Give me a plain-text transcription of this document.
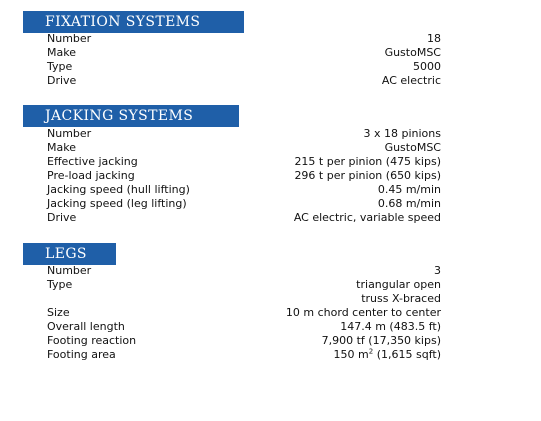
FIXATION SYSTEMS
Number	18
Make	GustoMSC
Type	5000
Drive	AC electric
JACKING SYSTEMS
Number	3 x 18 pinions
Make	GustoMSC
Effective jacking	215 t per pinion (475 kips)
Pre-load jacking	296 t per pinion (650 kips)
Jacking speed (hull lifting)	0.45 m/min
Jacking speed (leg lifting)	0.68 m/min
Drive	AC electric, variable speed
LEGS
Number	3
Type	triangular open
truss X-braced
Size	10 m chord center to center
Overall length	147.4 m (483.5 ft)
Footing reaction	7,900 tf (17,350 kips)
Footing area	150 $m^2$ (1,615 sqft)
